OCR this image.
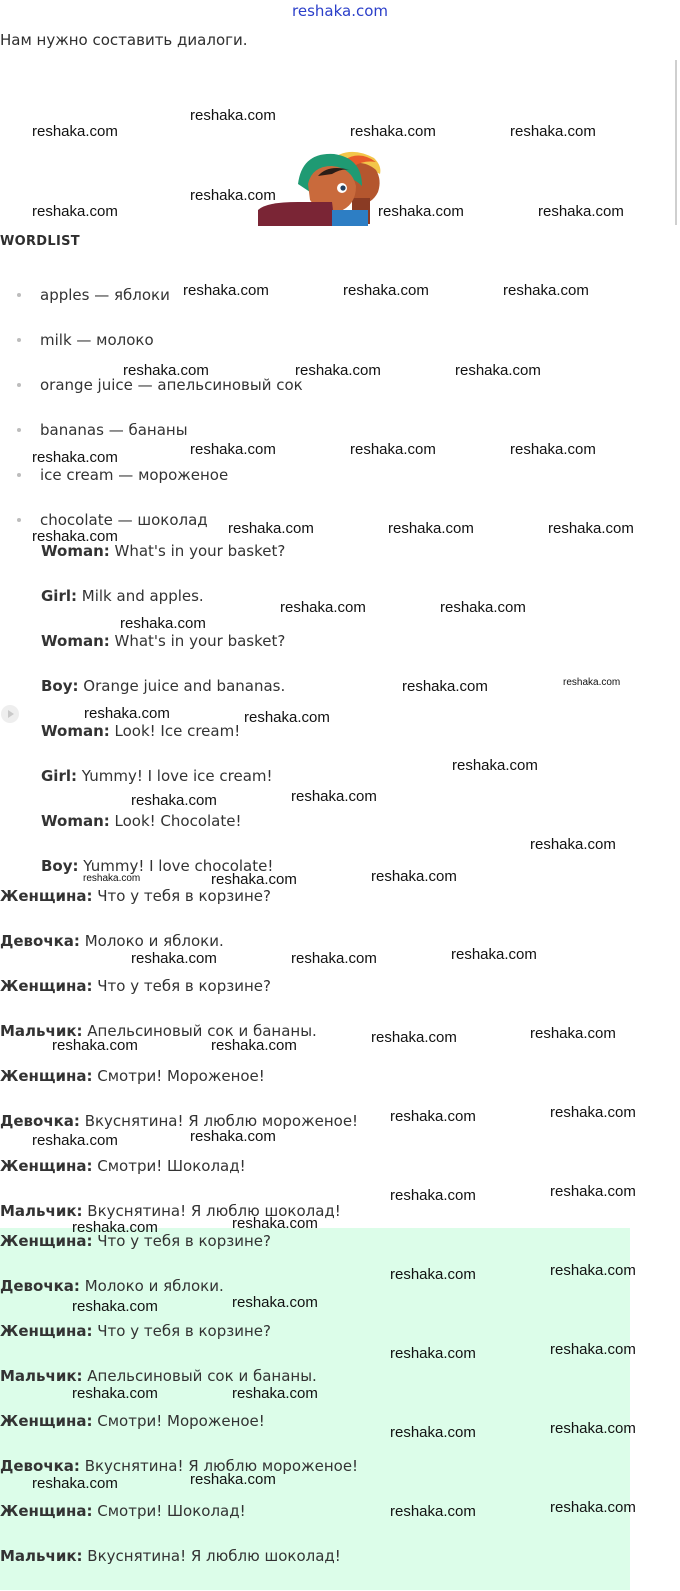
reshaka.com
Нам нужно составить диалоги.
WORDLIST
apples — яблоки
milk — молоко
orange juice — апельсиновый сок
bananas — бананы
ice cream — мороженое
chocolate — шоколад
Woman: What's in your basket?
Girl: Milk and apples.
Woman: What's in your basket?
Boy: Orange juice and bananas.
Woman: Look! Ice cream!
Girl: Yummy! I love ice cream!
Woman: Look! Chocolate!
Boy: Yummy! I love chocolate!
Женщина: Что у тебя в корзине?
Девочка: Молоко и яблоки.
Женщина: Что у тебя в корзине?
Мальчик: Апельсиновый сок и бананы.
Женщина: Смотри! Мороженое!
Девочка: Вкуснятина! Я люблю мороженое!
Женщина: Смотри! Шоколад!
Мальчик: Вкуснятина! Я люблю шоколад!
Женщина: Что у тебя в корзине?
Девочка: Молоко и яблоки.
Женщина: Что у тебя в корзине?
Мальчик: Апельсиновый сок и бананы.
Женщина: Смотри! Мороженое!
Девочка: Вкуснятина! Я люблю мороженое!
Женщина: Смотри! Шоколад!
Мальчик: Вкуснятина! Я люблю шоколад!
reshaka.com
reshaka.com	reshaka.com	reshaka.com
reshaka.com
reshaka.com	reshaka.com	reshaka.com
reshaka.com	reshaka.com	reshaka.com
reshaka.com	reshaka.com	reshaka.com
reshaka.com
reshaka.com	reshaka.com	reshaka.com
reshaka.com	reshaka.com	reshaka.com	reshaka.com
reshaka.com
reshaka.com	reshaka.com
reshaka.com	reshaka.com
reshaka.com	reshaka.com
reshaka.com
reshaka.com	reshaka.com
reshaka.com
reshaka.com	reshaka.com
reshaka.com
reshaka.com	reshaka.com	reshaka.com
reshaka.com
reshaka.com	reshaka.com	reshaka.com
reshaka.com	reshaka.com
reshaka.com	reshaka.com
reshaka.com	reshaka.com
reshaka.com	reshaka.com
reshaka.com	reshaka.com
reshaka.com	reshaka.com
reshaka.com	reshaka.com
reshaka.com	reshaka.com
reshaka.com	reshaka.com
reshaka.com	reshaka.com
reshaka.com	reshaka.com
